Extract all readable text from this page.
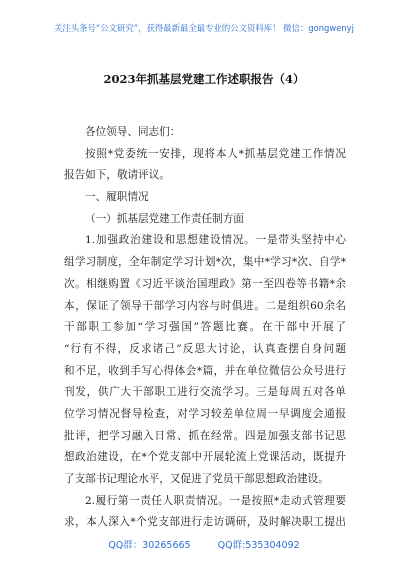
关注头条号“公文研究”，获得最新最全最专业的公文资料库！ 微信：gongwenyj
2023年抓基层党建工作述职报告（4）
各位领导、同志们：
按照*党委统一安排，现将本人*抓基层党建工作情况
报告如下，敬请评议。
一、履职情况
（一）抓基层党建工作责任制方面
1.加强政治建设和思想建设情况。一是带头坚持中心
组学习制度，全年制定学习计划*次，集中*学习*次、自学*
次。相继购置《习近平谈治国理政》第一至四卷等书籍*余
本，保证了领导干部学习内容与时俱进。二是组织60余名
干部职工参加“学习强国”答题比赛。在干部中开展了
“行有不得，反求诸己”反思大讨论，认真查摆自身问题
和不足，收到手写心得体会*篇，并在单位微信公众号进行
刊发，供广大干部职工进行交流学习。三是每周五对各单
位学习情况督导检查，对学习较差单位周一早调度会通报
批评，把学习融入日常、抓在经常。四是加强支部书记思
想政治建设，在*个党支部中开展轮流上党课活动，既提升
了支部书记理论水平，又促进了党员干部思想政治建设。
2.履行第一责任人职责情况。一是按照*走动式管理要
求，本人深入*个党支部进行走访调研，及时解决职工提出
QQ群：30265665	QQ群:535304092
